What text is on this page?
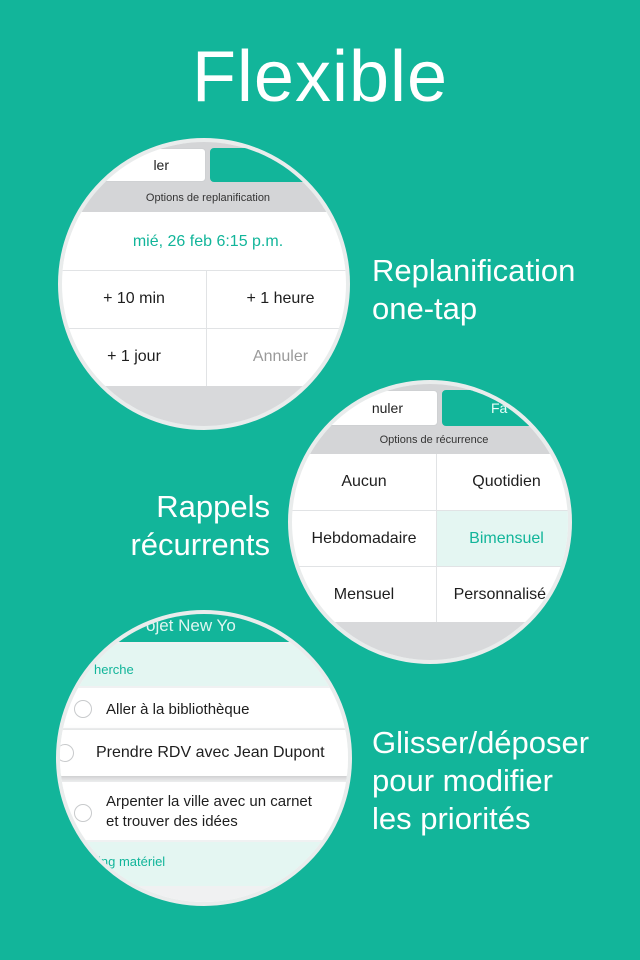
Flexible
Replanification
one-tap
Rappels
récurrents
Glisser/déposer
pour modifier
les priorités
ler
Options de replanification
mié, 26 feb 6:15 p.m.
+ 10 min	+ 1 heure
+ 1 jour	Annuler
nuler	Fa
Options de récurrence
Aucun	Quotidien
Hebdomadaire	Bimensuel
Mensuel	Personnalisé...
ojet New Yo
herche
Aller à la bibliothèque
Prendre RDV avec Jean Dupont
Arpenter la ville avec un carnet
et trouver des idées
ing matériel
